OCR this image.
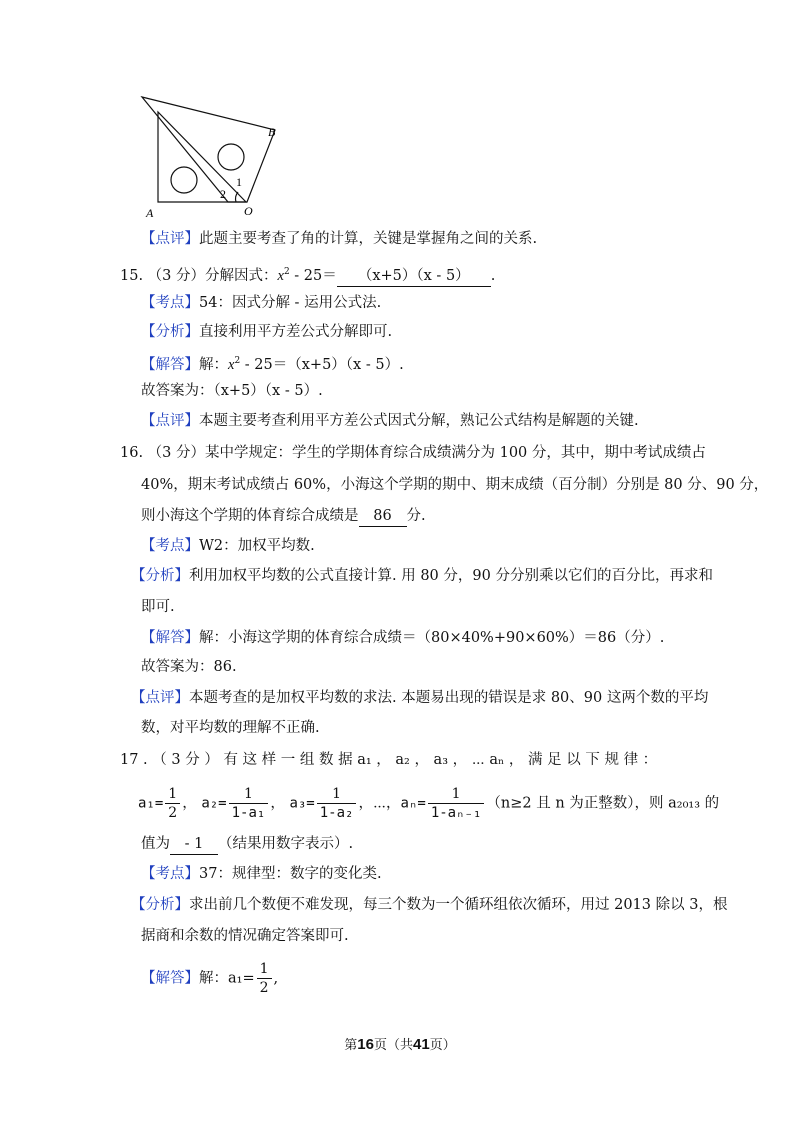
B
A	O
1
2
【点评】此题主要考查了角的计算，关键是掌握角之间的关系.
15. （3 分）分解因式：$x^2 - 25= (x+5)(x - 5)$ .
【考点】54：因式分解 - 运用公式法.
【分析】直接利用平方差公式分解即可.
【解答】解：$x^2 - 25=(x+5)(x - 5)$.
故答案为：（x+5）（x - 5）.
【点评】本题主要考查利用平方差公式因式分解，熟记公式结构是解题的关键.
16. （3 分）某中学规定：学生的学期体育综合成绩满分为 100 分，其中，期中考试成绩占
40%，期末考试成绩占 60%，小海这个学期的期中、期末成绩（百分制）分别是 80 分、90 分，
则小海这个学期的体育综合成绩是 86 分.
【考点】W2：加权平均数.
【分析】利用加权平均数的公式直接计算. 用 80 分，90 分分别乘以它们的百分比，再求和
即可.
【解答】解：小海这学期的体育综合成绩＝（80×40%+90×60%）＝86（分）.
故答案为：86.
【点评】本题考查的是加权平均数的求法. 本题易出现的错误是求 80、90 这两个数的平均
数，对平均数的理解不正确.
17 . （ 3 分 ） 有 这 样 一 组 数 据 a₁ ， a₂ ， a₃ ， ⋯ aₙ ， 满 足 以 下 规 律 ：
$a_1= \frac{1}{2}$ ， $a_2= \frac{1}{\text{1-a₁}}$ ， $a_3= \frac{1}{\text{1-a₂}}$ ，⋯，$a_n= \frac{1}{\text{1-aₙ₋₁}} (n\ge 2$ 且 n 为正整数），则 a₂₀₁₃ 的
值为 - 1 （结果用数字表示）.
【考点】37：规律型：数字的变化类.
【分析】求出前几个数便不难发现，每三个数为一个循环组依次循环，用过 2013 除以 3，根
据商和余数的情况确定答案即可.
【解答】解：$a_1= \frac{1}{2}$ ,
第16页（共41页）
